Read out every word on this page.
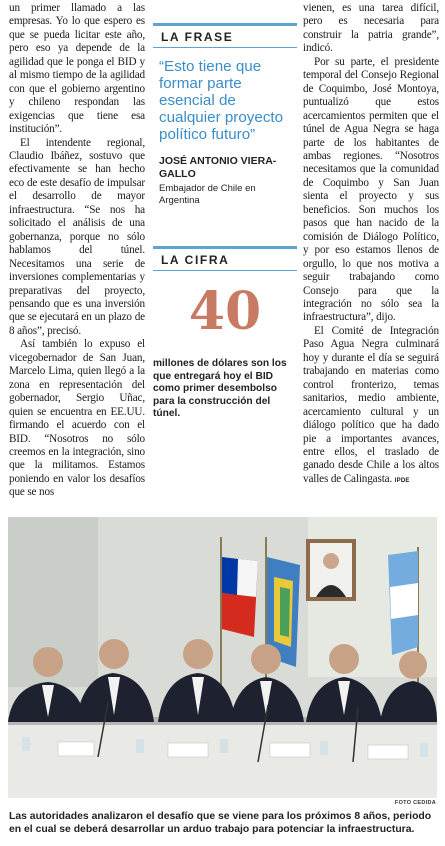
un primer llamado a las empresas. Yo lo que espero es que se pueda licitar este año, pero eso ya depende de la agilidad que le ponga el BID y al mismo tiempo de la agilidad con que el gobierno argentino y chileno respondan las exigencias que tiene esa institución”.

El intendente regional, Claudio Ibáñez, sostuvo que efectivamente se han hecho eco de este desafío de impulsar el desarrollo de mayor infraestructura. “Se nos ha solicitado el análisis de una gobernanza, porque no sólo hablamos del túnel. Necesitamos una serie de inversiones complementarias y preparativas del proyecto, pensando que es una inversión que se ejecutará en un plazo de 8 años”, precisó.

Así también lo expuso el vicegobernador de San Juan, Marcelo Lima, quien llegó a la zona en representación del gobernador, Sergio Uñac, quien se encuentra en EE.UU. firmando el acuerdo con el BID. “Nosotros no sólo creemos en la integración, sino que la militamos. Estamos poniendo en valor los desafíos que se nos

LA FRASE
“Esto tiene que formar parte esencial de cualquier proyecto político futuro”
JOSÉ ANTONIO VIERA-GALLO
Embajador de Chile en Argentina
LA CIFRA
40
millones de dólares son los que entregará hoy el BID como primer desembolso para la construcción del túnel.

vienen, es una tarea difícil, pero es necesaria para construir la patria grande”, indicó.

Por su parte, el presidente temporal del Consejo Regional de Coquimbo, José Montoya, puntualizó que estos acercamientos permiten que el túnel de Agua Negra se haga parte de los habitantes de ambas regiones. “Nosotros necesitamos que la comunidad de Coquimbo y San Juan sienta el proyecto y sus beneficios. Son muchos los pasos que han nacido de la comisión de Diálogo Político, y por eso estamos llenos de orgullo, lo que nos motiva a seguir trabajando como Consejo para que la integración no sólo sea la infraestructura”, dijo.

El Comité de Integración Paso Agua Negra culminará hoy y durante el día se seguirá trabajando en materias como control fronterizo, temas sanitarios, medio ambiente, acercamiento cultural y un diálogo político que ha dado pie a importantes avances, entre ellos, el traslado de ganado desde Chile a los altos valles de Calingasta. IPDE

FOTO CEDIDA
Las autoridades analizaron el desafío que se viene para los próximos 8 años, periodo en el cual se deberá desarrollar un arduo trabajo para potenciar la infraestructura.
